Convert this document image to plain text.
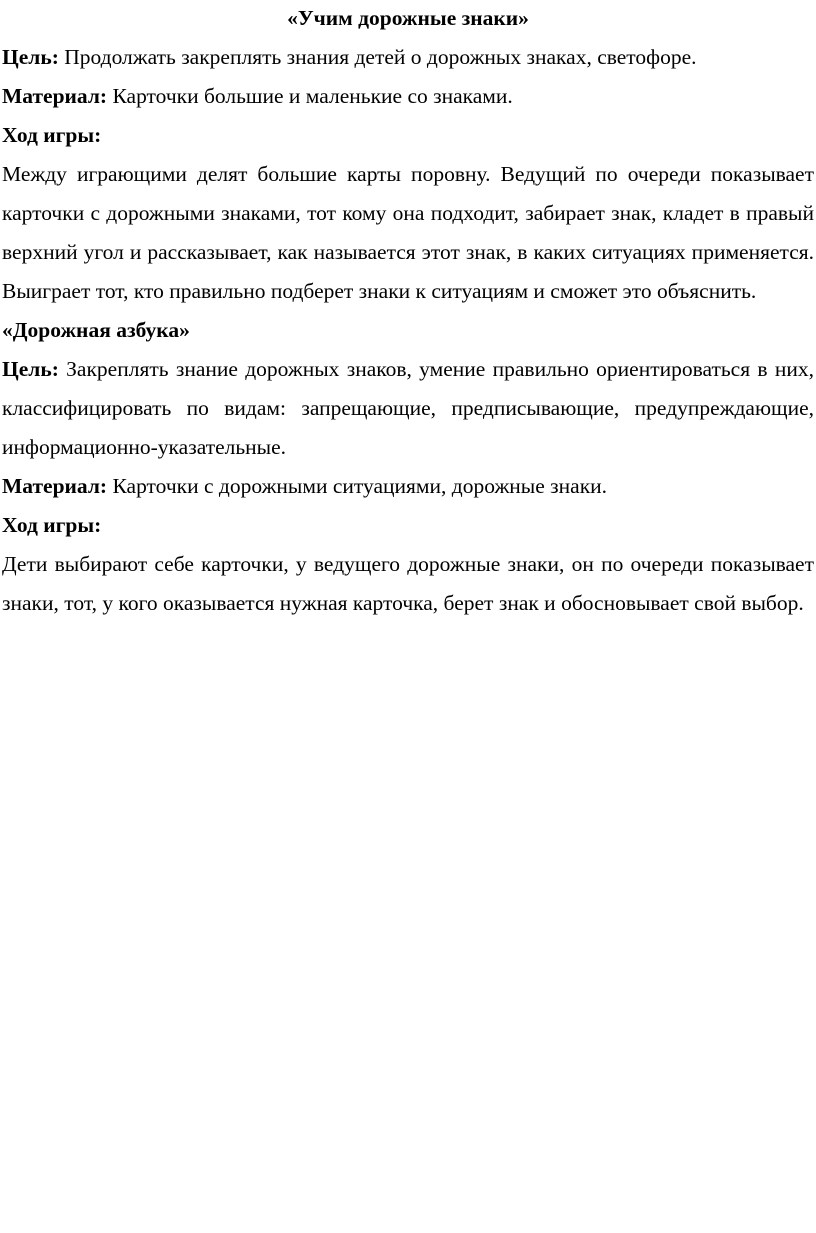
«Учим дорожные знаки»

Цель: Продолжать закреплять знания детей о дорожных знаках, светофоре.

Материал: Карточки большие и маленькие со знаками.

Ход игры:

Между играющими делят большие карты поровну. Ведущий по очереди показывает карточки с дорожными знаками, тот кому она подходит, забирает знак, кладет в правый верхний угол и рассказывает, как называется этот знак, в каких ситуациях применяется. Выиграет тот, кто правильно подберет знаки к ситуациям и сможет это объяснить.

«Дорожная азбука»

Цель: Закреплять знание дорожных знаков, умение правильно ориентироваться в них, классифицировать по видам: запрещающие, предписывающие, предупреждающие, информационно-указательные.

Материал: Карточки с дорожными ситуациями, дорожные знаки.

Ход игры:

Дети выбирают себе карточки, у ведущего дорожные знаки, он по очереди показывает знаки, тот, у кого оказывается нужная карточка, берет знак и обосновывает свой выбор.
